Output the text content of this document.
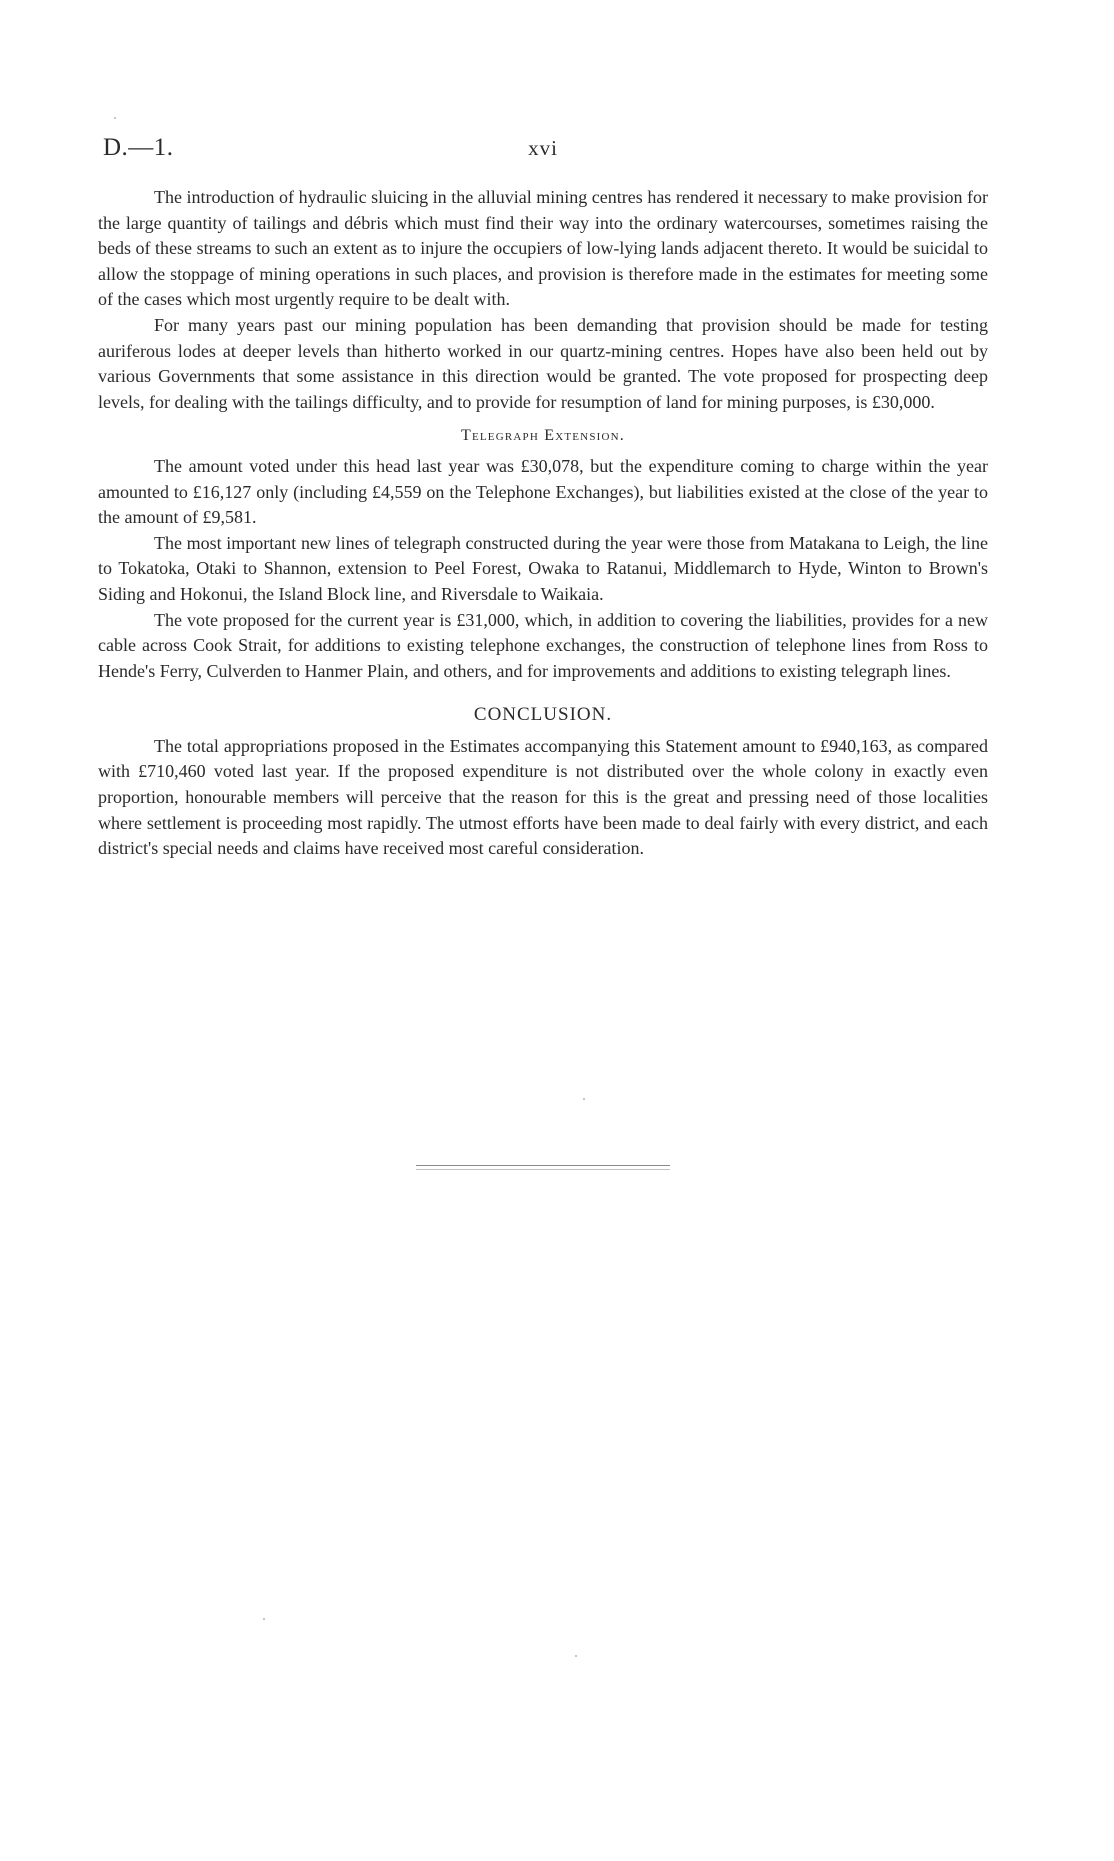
D.—1.	xvi

The introduction of hydraulic sluicing in the alluvial mining centres has rendered it necessary to make provision for the large quantity of tailings and débris which must find their way into the ordinary watercourses, sometimes raising the beds of these streams to such an extent as to injure the occupiers of low-lying lands adjacent thereto. It would be suicidal to allow the stoppage of mining operations in such places, and provision is therefore made in the estimates for meeting some of the cases which most urgently require to be dealt with.

For many years past our mining population has been demanding that provision should be made for testing auriferous lodes at deeper levels than hitherto worked in our quartz-mining centres. Hopes have also been held out by various Governments that some assistance in this direction would be granted. The vote proposed for prospecting deep levels, for dealing with the tailings difficulty, and to provide for resumption of land for mining purposes, is £30,000.

Telegraph Extension.

The amount voted under this head last year was £30,078, but the expenditure coming to charge within the year amounted to £16,127 only (including £4,559 on the Telephone Exchanges), but liabilities existed at the close of the year to the amount of £9,581.

The most important new lines of telegraph constructed during the year were those from Matakana to Leigh, the line to Tokatoka, Otaki to Shannon, extension to Peel Forest, Owaka to Ratanui, Middlemarch to Hyde, Winton to Brown's Siding and Hokonui, the Island Block line, and Riversdale to Waikaia.

The vote proposed for the current year is £31,000, which, in addition to covering the liabilities, provides for a new cable across Cook Strait, for additions to existing telephone exchanges, the construction of telephone lines from Ross to Hende's Ferry, Culverden to Hanmer Plain, and others, and for improvements and additions to existing telegraph lines.

CONCLUSION.

The total appropriations proposed in the Estimates accompanying this Statement amount to £940,163, as compared with £710,460 voted last year. If the proposed expenditure is not distributed over the whole colony in exactly even proportion, honourable members will perceive that the reason for this is the great and pressing need of those localities where settlement is proceeding most rapidly. The utmost efforts have been made to deal fairly with every district, and each district's special needs and claims have received most careful consideration.
